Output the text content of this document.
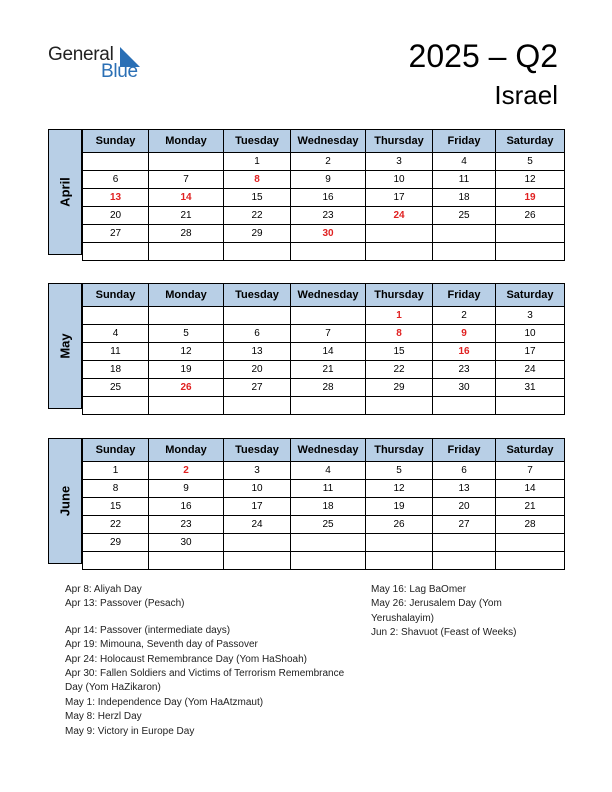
General
Blue	2025 – Q2
Israel
April
Sunday	Monday	Tuesday	Wednesday	Thursday	Friday	Saturday
		1	2	3	4	5
6	7	8	9	10	11	12
13	14	15	16	17	18	19
20	21	22	23	24	25	26
27	28	29	30			

May
Sunday	Monday	Tuesday	Wednesday	Thursday	Friday	Saturday
				1	2	3
4	5	6	7	8	9	10
11	12	13	14	15	16	17
18	19	20	21	22	23	24
25	26	27	28	29	30	31

June
Sunday	Monday	Tuesday	Wednesday	Thursday	Friday	Saturday
1	2	3	4	5	6	7
8	9	10	11	12	13	14
15	16	17	18	19	20	21
22	23	24	25	26	27	28
29	30					

Apr 8: Aliyah Day
Apr 13: Passover (Pesach)
Apr 14: Passover (intermediate days)
Apr 19: Mimouna, Seventh day of Passover
Apr 24: Holocaust Remembrance Day (Yom HaShoah)
Apr 30: Fallen Soldiers and Victims of Terrorism Remembrance
Day (Yom HaZikaron)
May 1: Independence Day (Yom HaAtzmaut)
May 8: Herzl Day
May 9: Victory in Europe Day
May 16: Lag BaOmer
May 26: Jerusalem Day (Yom
Yerushalayim)
Jun 2: Shavuot (Feast of Weeks)
